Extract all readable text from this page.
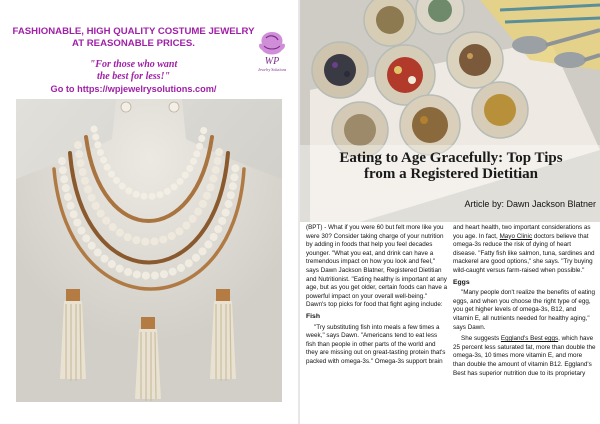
FASHIONABLE, HIGH QUALITY COSTUME JEWELRY
AT REASONABLE PRICES.
"For those who want
the best for less!"
Go to https://wpjewelrysolutions.com/
WP
Jewelry Solutions
Eating to Age Gracefully: Top Tips
from a Registered Dietitian
Article by: Dawn Jackson Blatner

(BPT) - What if you were 60 but felt more like you were 30? Consider taking charge of your nutrition by adding in foods that help you feel decades younger. "What you eat, and drink can have a tremendous impact on how you look and feel," says Dawn Jackson Blatner, Registered Dietitian and Nutritionist. "Eating healthy is important at any age, but as you get older, certain foods can have a powerful impact on your overall well-being." Dawn's top picks for food that fight aging include:

Fish

"Try substituting fish into meals a few times a week," says Dawn. "Americans tend to eat less fish than people in other parts of the world and they are missing out on great-tasting protein that's packed with omega-3s." Omega-3s support brain

and heart health, two important considerations as you age. In fact, Mayo Clinic doctors believe that omega-3s reduce the risk of dying of heart disease. "Fatty fish like salmon, tuna, sardines and mackerel are good options," she says. "Try buying wild-caught versus farm-raised when possible."

Eggs

"Many people don't realize the benefits of eating eggs, and when you choose the right type of egg, you get higher levels of omega-3s, B12, and vitamin E, all nutrients needed for healthy aging," says Dawn.

She suggests Eggland's Best eggs, which have 25 percent less saturated fat, more than double the omega-3s, 10 times more vitamin E, and more than double the amount of vitamin B12. Eggland's Best has superior nutrition due to its proprietary
